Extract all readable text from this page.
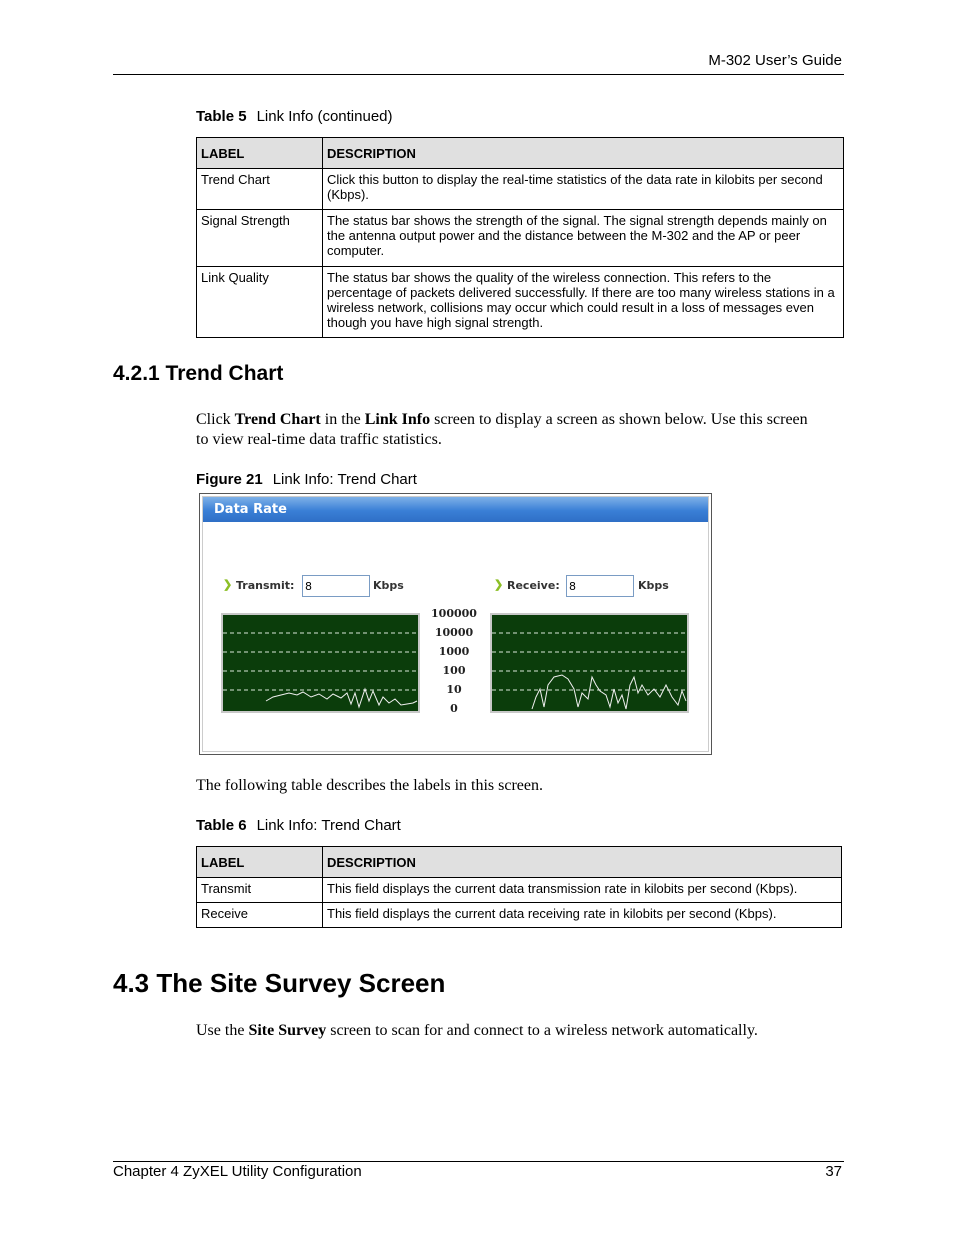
M-302 User’s Guide
Table 5 Link Info (continued)
LABEL	DESCRIPTION
Trend Chart	Click this button to display the real-time statistics of the data rate in kilobits per second (Kbps).
Signal Strength	The status bar shows the strength of the signal. The signal strength depends mainly on the antenna output power and the distance between the M-302 and the AP or peer computer.
Link Quality	The status bar shows the quality of the wireless connection. This refers to the percentage of packets delivered successfully. If there are too many wireless stations in a wireless network, collisions may occur which could result in a loss of messages even though you have high signal strength.
4.2.1 Trend Chart
Click Trend Chart in the Link Info screen to display a screen as shown below. Use this screen to view real-time data traffic statistics.
Figure 21 Link Info: Trend Chart
Data Rate
❯ Transmit:
8	Kbps	❯ Receive:
8	Kbps
100000
10000
1000
100
10
0
The following table describes the labels in this screen.
Table 6 Link Info: Trend Chart
LABEL	DESCRIPTION
Transmit	This field displays the current data transmission rate in kilobits per second (Kbps).
Receive	This field displays the current data receiving rate in kilobits per second (Kbps).
4.3 The Site Survey Screen
Use the Site Survey screen to scan for and connect to a wireless network automatically.
Chapter 4 ZyXEL Utility Configuration	37
